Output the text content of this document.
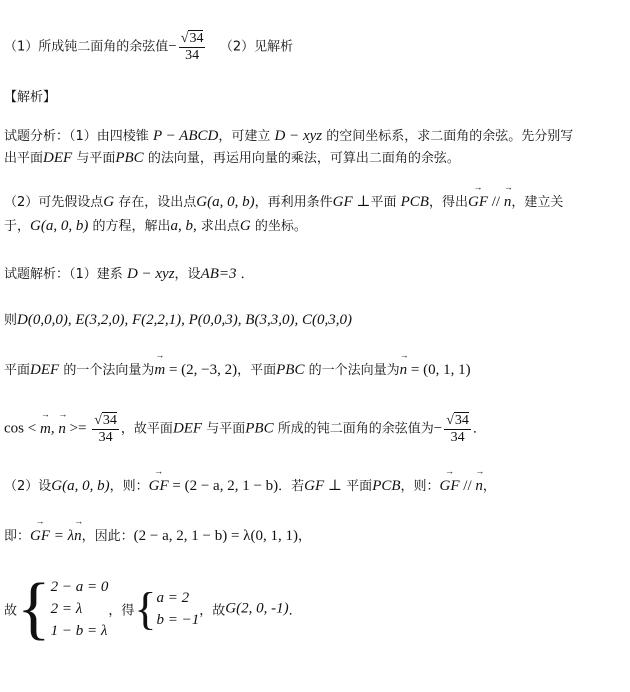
（1）所成钝二面角的余弦值− $\frac{√34}{34} (2)$见解析
【解析】
试题分析：（1）由四棱锥 P − ABCD，可建立 D − xyz 的空间坐标系，求二面角的余弦。先分别写
出平面DEF 与平面PBC 的法向量，再运用向量的乘法，可算出二面角的余弦。
（2）可先假设点G 存在，设出点G(a, 0, b)，再利用条件GF ⊥平面 PCB，得出
→
GF //
→
n，建立关
于，G(a, 0, b) 的方程，解出a, b, 求出点G 的坐标。
试题解析：（1）建系 D − xyz，设AB=3 ．
则D(0,0,0), E(3,2,0), F(2,2,1), P(0,0,3), B(3,3,0), C(0,3,0)
平面DEF 的一个法向量为
→
m = (2, −3, 2)，平面PBC 的一个法向量为
→
n = (0, 1, 1)
cos <
→
m,
→
$n >= \frac{√34}{34}$ ，故平面DEF 与平面PBC 所成的钝二面角的余弦值为− $\frac{√34}{34}$ ．
（2）设G(a, 0, b)，则：
→
GF = (2 − a, 2, 1 − b)．若GF ⊥ 平面PCB，则：
→
GF //
→
n，
即：
→
GF = λ
→
n，因此：(2 − a, 2, 1 − b) = λ(0, 1, 1)，
故{ 2 − a = 0
2 = λ
1 − b = λ
，得{ a = 2
b = −1
，故G(2, 0, -1)．
